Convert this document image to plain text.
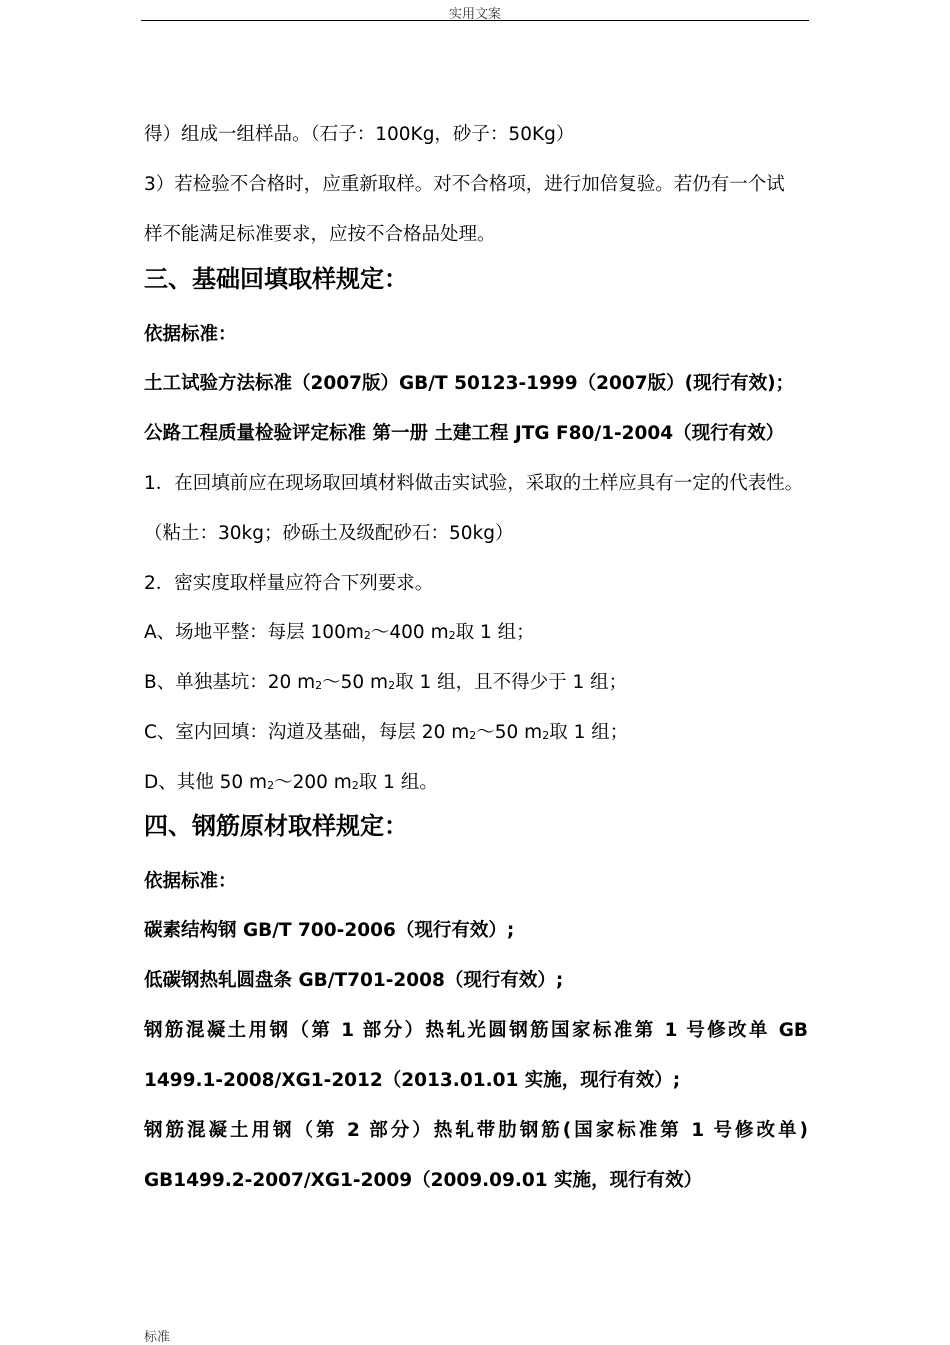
实用文案
得）组成一组样品。（石子：100Kg，砂子：50Kg）
3）若检验不合格时，应重新取样。对不合格项，进行加倍复验。若仍有一个试
样不能满足标准要求，应按不合格品处理。
三、基础回填取样规定：
依据标准：
土工试验方法标准（2007版）GB/T 50123-1999（2007版）(现行有效)；
公路工程质量检验评定标准 第一册 土建工程 JTG F80/1-2004（现行有效）
1．在回填前应在现场取回填材料做击实试验，采取的土样应具有一定的代表性。
（粘土：30kg；砂砾土及级配砂石：50kg）
2．密实度取样量应符合下列要求。
A、场地平整：每层 $100m_2\sim 400$ $m_2$取 1 组；
B、单独基坑：20 $m_2\sim 50$ $m_2$取 1 组，且不得少于 1 组；
C、室内回填：沟道及基础，每层 20 $m_2\sim 50$ $m_2$取 1 组；
D、其他 50 $m_2\sim 200$ $m_2$取 1 组。
四、钢筋原材取样规定：
依据标准：
碳素结构钢 GB/T 700-2006（现行有效）;
低碳钢热轧圆盘条 GB/T701-2008（现行有效）;
钢筋混凝土用钢（第 1 部分）热轧光圆钢筋国家标准第 1 号修改单 GB
1499.1-2008/XG1-2012（2013.01.01 实施，现行有效）;
钢筋混凝土用钢（第 2 部分）热轧带肋钢筋(国家标准第 1 号修改单)
GB1499.2-2007/XG1-2009（2009.09.01 实施，现行有效）
标准
